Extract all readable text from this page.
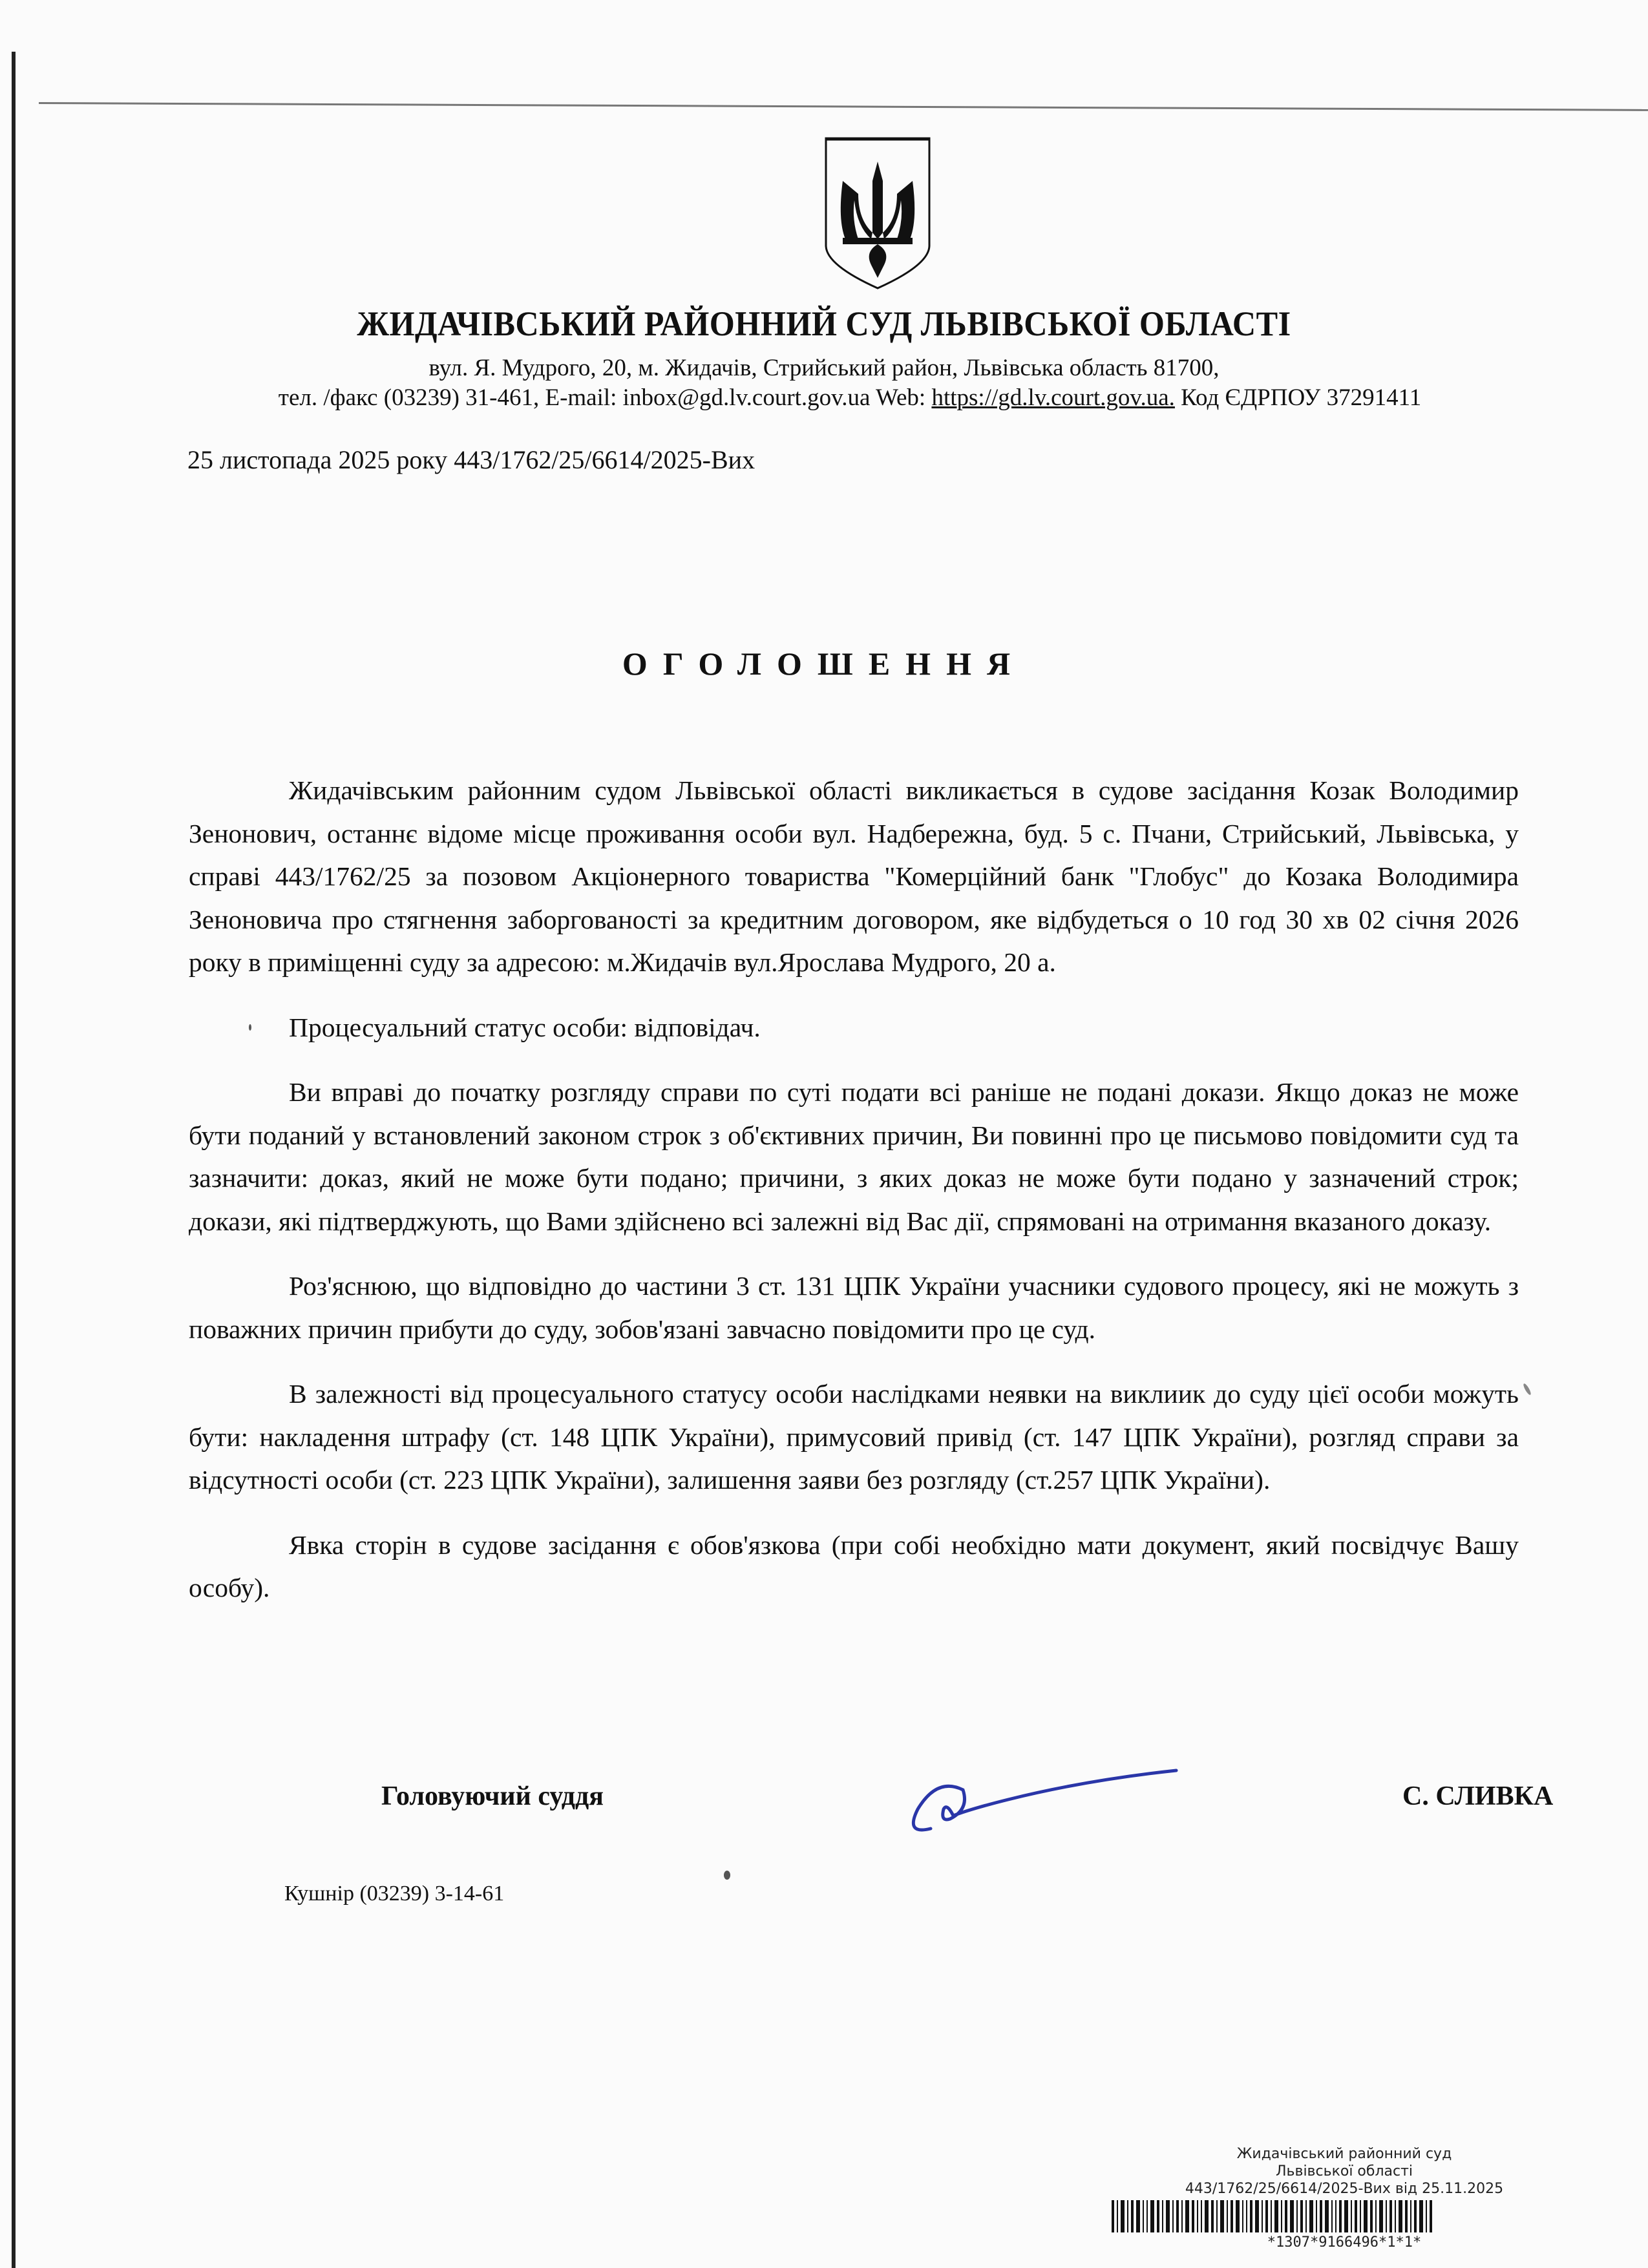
ЖИДАЧІВСЬКИЙ РАЙОННИЙ СУД ЛЬВІВСЬКОЇ ОБЛАСТІ
вул. Я. Мудрого, 20, м. Жидачів, Стрийський район, Львівська область 81700,
тел. /факс (03239) 31-461, E-mail: inbox@gd.lv.court.gov.ua Web: https://gd.lv.court.gov.ua. Код ЄДРПОУ 37291411
25 листопада 2025 року 443/1762/25/6614/2025-Вих
ОГОЛОШЕННЯ

Жидачівським районним судом Львівської області викликається в судове засідання Козак Володимир Зенонович, останнє відоме місце проживання особи вул. Надбережна, буд. 5 с. Пчани, Стрийський, Львівська, у справі 443/1762/25 за позовом Акціонерного товариства "Комерційний банк "Глобус" до Козака Володимира Зеноновича про стягнення заборгованості за кредитним договором, яке відбудеться о 10 год 30 хв 02 січня 2026 року в приміщенні суду за адресою: м.Жидачів вул.Ярослава Мудрого, 20 а.

Процесуальний статус особи: відповідач.

Ви вправі до початку розгляду справи по суті подати всі раніше не подані докази. Якщо доказ не може бути поданий у встановлений законом строк з об'єктивних причин, Ви повинні про це письмово повідомити суд та зазначити: доказ, який не може бути подано; причини, з яких доказ не може бути подано у зазначений строк; докази, які підтверджують, що Вами здійснено всі залежні від Вас дії, спрямовані на отримання вказаного доказу.

Роз'яснюю, що відповідно до частини 3 ст. 131 ЦПК України учасники судового процесу, які не можуть з поважних причин прибути до суду, зобов'язані завчасно повідомити про це суд.

В залежності від процесуального статусу особи наслідками неявки на виклиик до суду цієї особи можуть бути: накладення штрафу (ст. 148 ЦПК України), примусовий привід (ст. 147 ЦПК України), розгляд справи за відсутності особи (ст. 223 ЦПК України), залишення заяви без розгляду (ст.257 ЦПК України).

Явка сторін в судове засідання є обов'язкова (при собі необхідно мати документ, який посвідчує Вашу особу).

Головуючий суддя	С. СЛИВКА
Кушнір (03239) 3-14-61
Жидачівський районний суд
Львівської області
443/1762/25/6614/2025-Вих від 25.11.2025
*1307*9166496*1*1*
